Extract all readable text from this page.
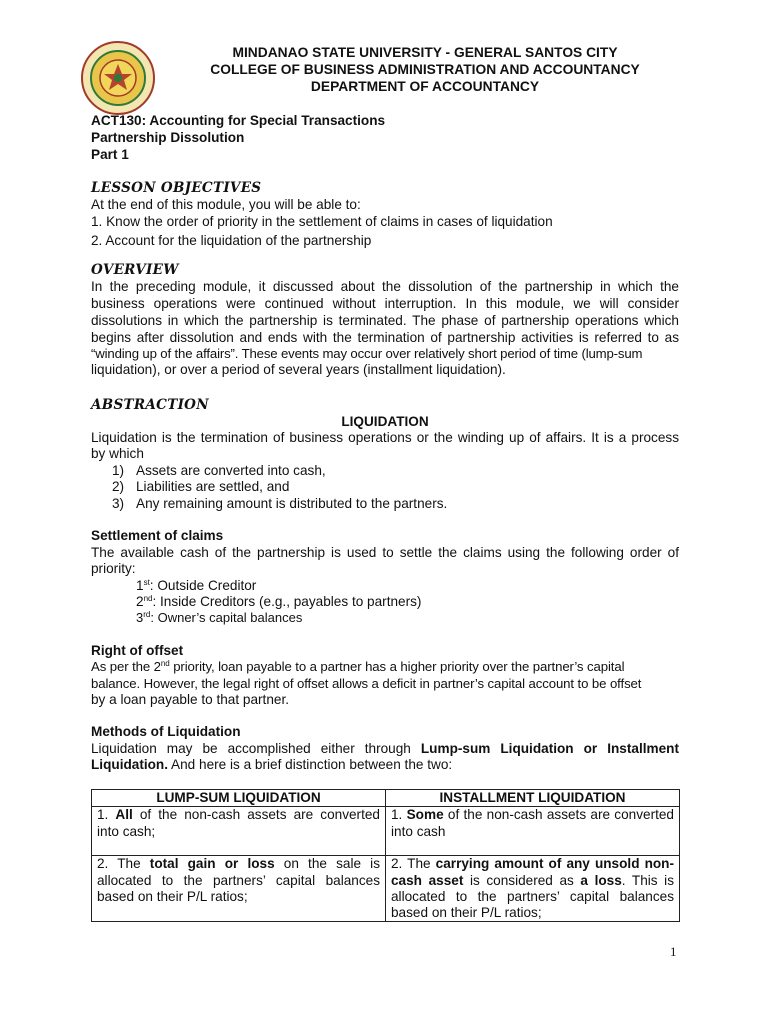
MINDANAO STATE UNIVERSITY - GENERAL SANTOS CITY
COLLEGE OF BUSINESS ADMINISTRATION AND ACCOUNTANCY
DEPARTMENT OF ACCOUNTANCY
ACT130: Accounting for Special Transactions
Partnership Dissolution
Part 1
LESSON OBJECTIVES
At the end of this module, you will be able to:
1. Know the order of priority in the settlement of claims in cases of liquidation
2. Account for the liquidation of the partnership
OVERVIEW
In the preceding module, it discussed about the dissolution of the partnership in which the
business operations were continued without interruption. In this module, we will consider
dissolutions in which the partnership is terminated. The phase of partnership operations which
begins after dissolution and ends with the termination of partnership activities is referred to as
“winding up of the affairs”. These events may occur over relatively short period of time (lump-sum
liquidation), or over a period of several years (installment liquidation).
ABSTRACTION
LIQUIDATION
Liquidation is the termination of business operations or the winding up of affairs. It is a process
by which
1) Assets are converted into cash,
2) Liabilities are settled, and
3) Any remaining amount is distributed to the partners.
Settlement of claims
The available cash of the partnership is used to settle the claims using the following order of
priority:
1st: Outside Creditor
2nd: Inside Creditors (e.g., payables to partners)
3rd: Owner’s capital balances
Right of offset
As per the 2nd priority, loan payable to a partner has a higher priority over the partner’s capital
balance. However, the legal right of offset allows a deficit in partner’s capital account to be offset
by a loan payable to that partner.
Methods of Liquidation
Liquidation may be accomplished either through Lump-sum Liquidation or Installment
Liquidation. And here is a brief distinction between the two:
LUMP-SUM LIQUIDATION	INSTALLMENT LIQUIDATION
1. All of the non-cash assets are converted into cash;	1. Some of the non-cash assets are converted into cash
2. The total gain or loss on the sale is allocated to the partners’ capital balances based on their P/L ratios;	2. The carrying amount of any unsold non-cash asset is considered as a loss. This is allocated to the partners’ capital balances based on their P/L ratios;
1
